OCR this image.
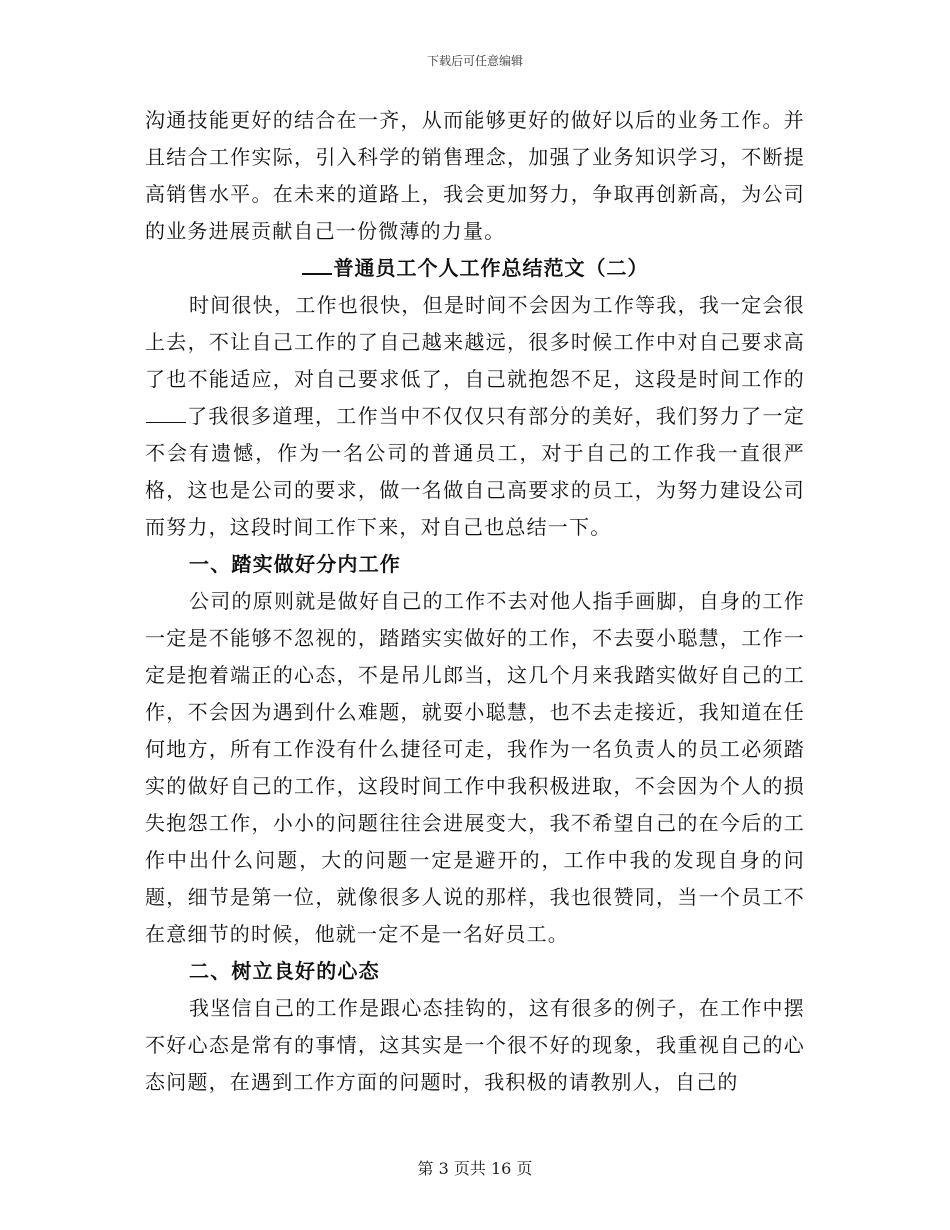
下载后可任意编辑

沟通技能更好的结合在一齐，从而能够更好的做好以后的业务工作。并且结合工作实际，引入科学的销售理念，加强了业务知识学习，不断提高销售水平。在未来的道路上，我会更加努力，争取再创新高，为公司的业务进展贡献自己一份微薄的力量。

普通员工个人工作总结范文（二）

时间很快，工作也很快，但是时间不会因为工作等我，我一定会很上去，不让自己工作的了自己越来越远，很多时候工作中对自己要求高了也不能适应，对自己要求低了，自己就抱怨不足，这段是时间工作的了我很多道理，工作当中不仅仅只有部分的美好，我们努力了一定不会有遗憾，作为一名公司的普通员工，对于自己的工作我一直很严格，这也是公司的要求，做一名做自己高要求的员工，为努力建设公司而努力，这段时间工作下来，对自己也总结一下。

一、踏实做好分内工作

公司的原则就是做好自己的工作不去对他人指手画脚，自身的工作一定是不能够不忽视的，踏踏实实做好的工作，不去耍小聪慧，工作一定是抱着端正的心态，不是吊儿郎当，这几个月来我踏实做好自己的工作，不会因为遇到什么难题，就耍小聪慧，也不去走接近，我知道在任何地方，所有工作没有什么捷径可走，我作为一名负责人的员工必须踏实的做好自己的工作，这段时间工作中我积极进取，不会因为个人的损失抱怨工作，小小的问题往往会进展变大，我不希望自己的在今后的工作中出什么问题，大的问题一定是避开的，工作中我的发现自身的问题，细节是第一位，就像很多人说的那样，我也很赞同，当一个员工不在意细节的时候，他就一定不是一名好员工。

二、树立良好的心态

我坚信自己的工作是跟心态挂钩的，这有很多的例子，在工作中摆不好心态是常有的事情，这其实是一个很不好的现象，我重视自己的心态问题，在遇到工作方面的问题时，我积极的请教别人，自己的

第 3 页共 16 页
